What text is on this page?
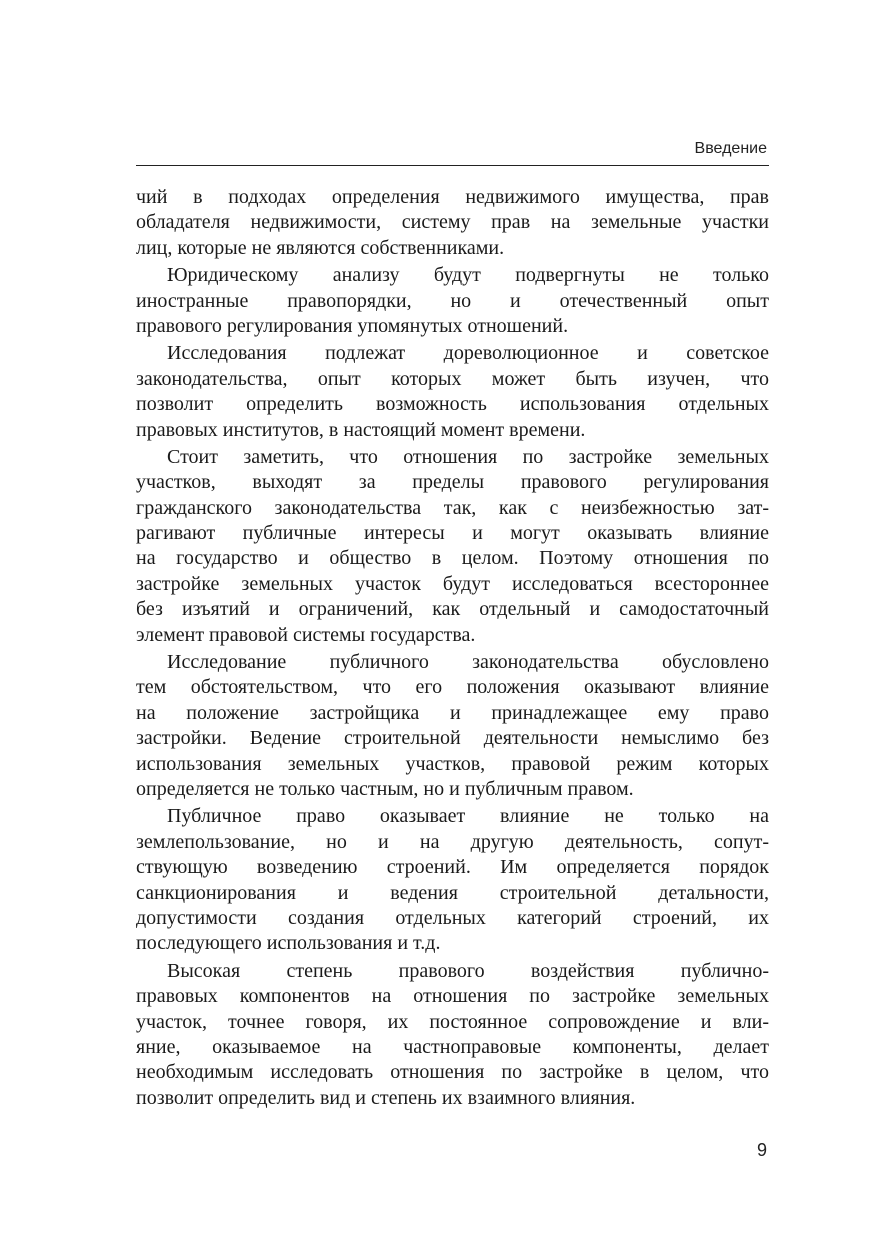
Введение

чий в подходах определения недвижимого имущества, прав
обладателя недвижимости, систему прав на земельные участки
лиц, которые не являются собственниками.

Юридическому анализу будут подвергнуты не только
иностранные правопорядки, но и отечественный опыт
правового регулирования упомянутых отношений.

Исследования подлежат дореволюционное и советское
законодательства, опыт которых может быть изучен, что
позволит определить возможность использования отдельных
правовых институтов, в настоящий момент времени.

Стоит заметить, что отношения по застройке земельных
участков, выходят за пределы правового регулирования
гражданского законодательства так, как с неизбежностью зат-
рагивают публичные интересы и могут оказывать влияние
на государство и общество в целом. Поэтому отношения по
застройке земельных участок будут исследоваться всестороннее
без изъятий и ограничений, как отдельный и самодостаточный
элемент правовой системы государства.

Исследование публичного законодательства обусловлено
тем обстоятельством, что его положения оказывают влияние
на положение застройщика и принадлежащее ему право
застройки. Ведение строительной деятельности немыслимо без
использования земельных участков, правовой режим которых
определяется не только частным, но и публичным правом.

Публичное право оказывает влияние не только на
землепользование, но и на другую деятельность, сопут-
ствующую возведению строений. Им определяется порядок
санкционирования и ведения строительной детальности,
допустимости создания отдельных категорий строений, их
последующего использования и т.д.

Высокая степень правового воздействия публично-
правовых компонентов на отношения по застройке земельных
участок, точнее говоря, их постоянное сопровождение и вли-
яние, оказываемое на частноправовые компоненты, делает
необходимым исследовать отношения по застройке в целом, что
позволит определить вид и степень их взаимного влияния.

9
